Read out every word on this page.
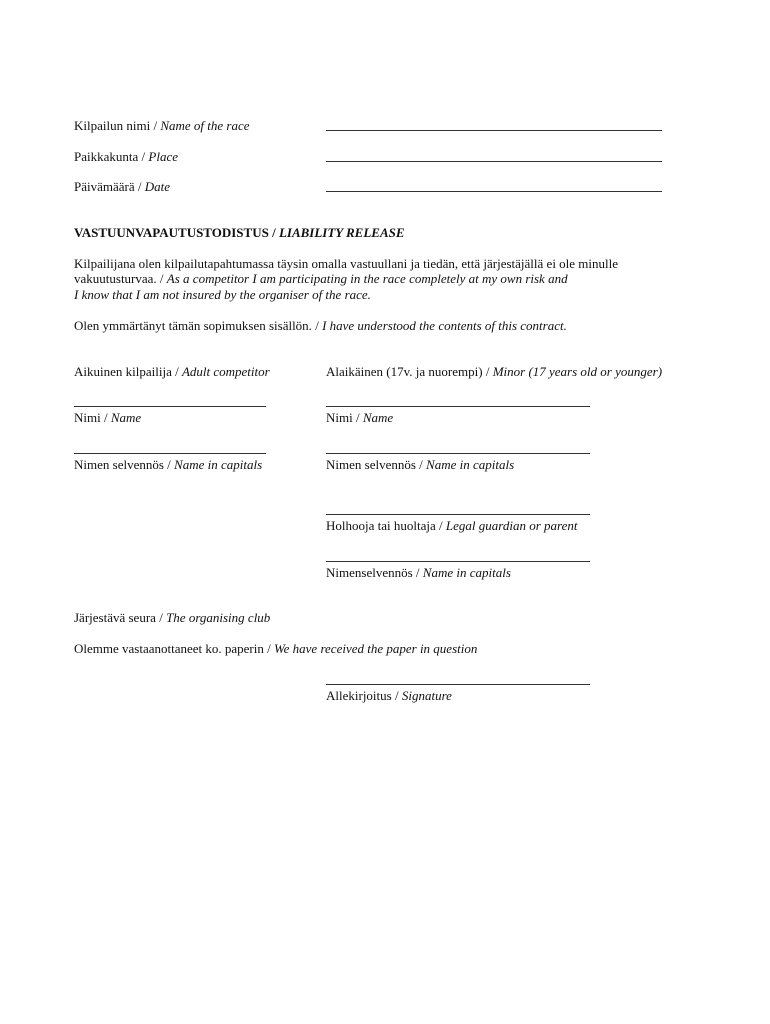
Kilpailun nimi / Name of the race
Paikkakunta / Place
Päivämäärä / Date
VASTUUNVAPAUTUSTODISTUS / LIABILITY RELEASE
Kilpailijana olen kilpailutapahtumassa täysin omalla vastuullani ja tiedän, että järjestäjällä ei ole minulle
vakuutusturvaa. / As a competitor I am participating in the race completely at my own risk and
I know that I am not insured by the organiser of the race.
Olen ymmärtänyt tämän sopimuksen sisällön. / I have understood the contents of this contract.
Aikuinen kilpailija / Adult competitor
Nimi / Name
Nimen selvennös / Name in capitals
Alaikäinen (17v. ja nuorempi) / Minor (17 years old or younger)
Nimi / Name
Nimen selvennös / Name in capitals
Holhooja tai huoltaja / Legal guardian or parent
Nimenselvennös / Name in capitals
Järjestävä seura / The organising club
Olemme vastaanottaneet ko. paperin / We have received the paper in question
Allekirjoitus / Signature
